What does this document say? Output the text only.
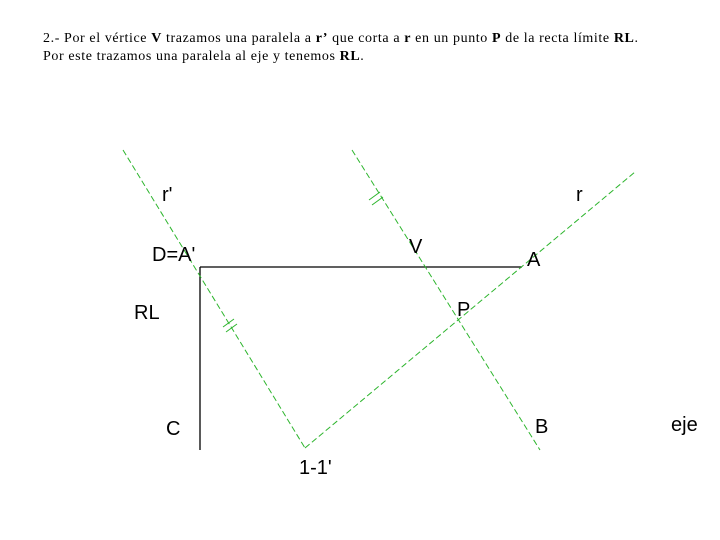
2.- Por el vértice V trazamos una paralela a r’ que corta a r en un punto P de la recta límite RL.
Por este trazamos una paralela al eje y tenemos RL.
r'	r
D=A'	V
A
RL	P
C	B	eje
1-1'
